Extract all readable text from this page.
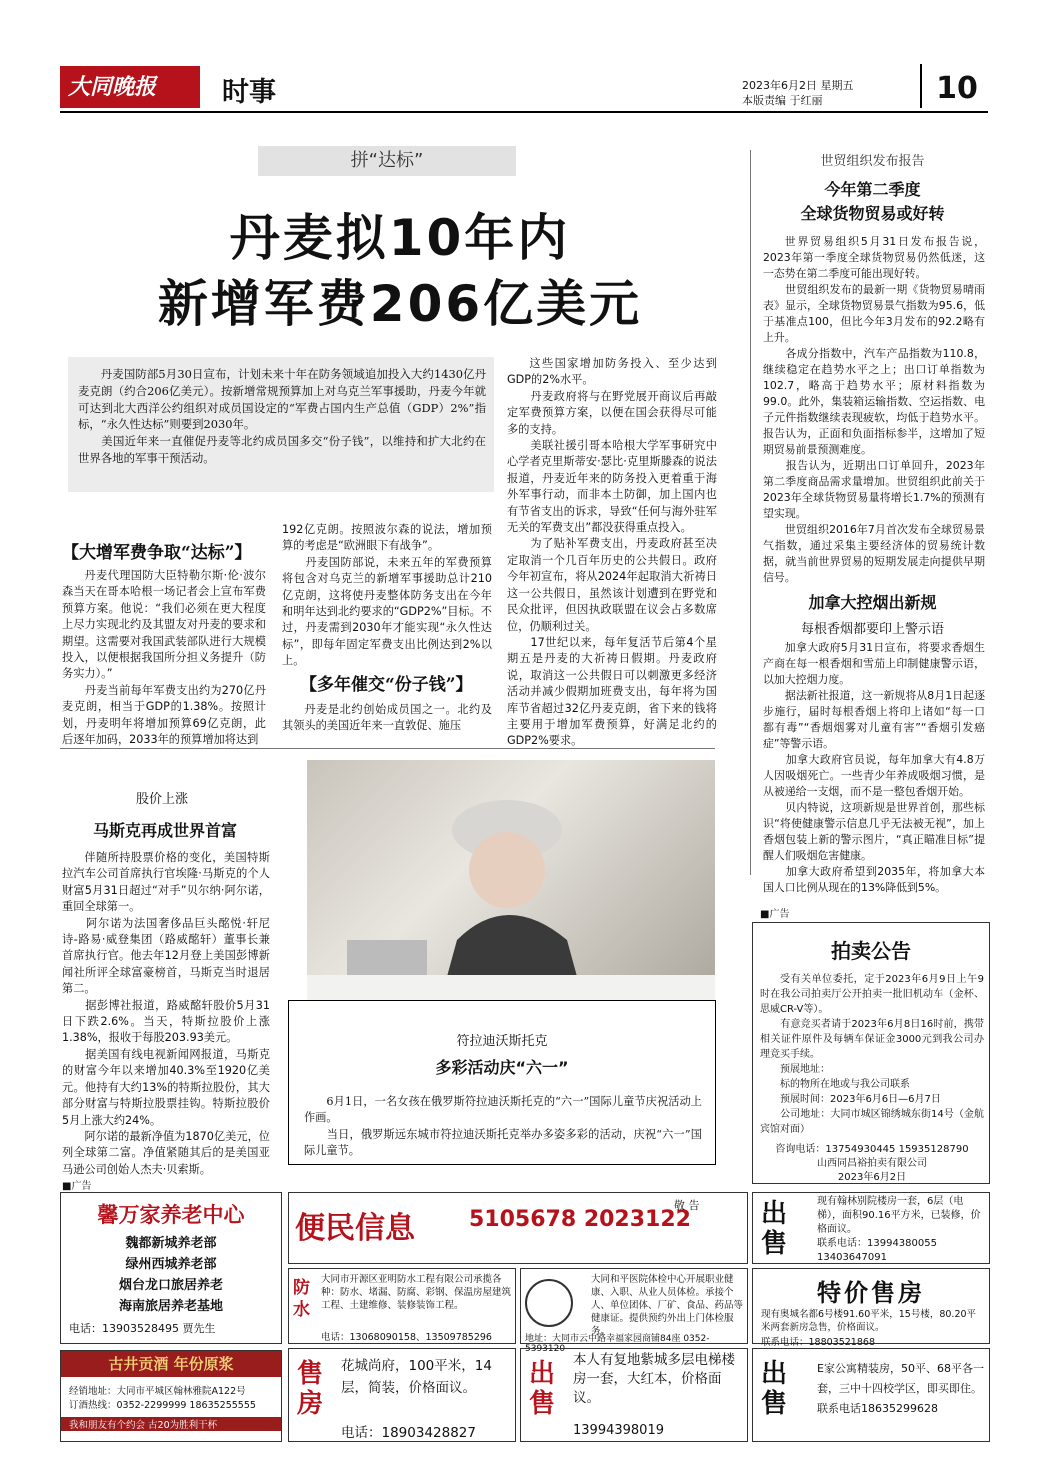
大同晚报	时事	2023年6月2日 星期五
本版责编 于红丽	10
拼“达标”
丹麦拟10年内
新增军费206亿美元
丹麦国防部5月30日宣布，计划未来十年在防务领域追加投入大约1430亿丹麦克朗（约合206亿美元）。按新增常规预算加上对乌克兰军事援助，丹麦今年就可达到北大西洋公约组织对成员国设定的“军费占国内生产总值（GDP）2%”指标，“永久性达标”则要到2030年。
　　美国近年来一直催促丹麦等北约成员国多交“份子钱”，以维持和扩大北约在世界各地的军事干预活动。
这些国家增加防务投入、至少达到GDP的2%水平。
　　丹麦政府将与在野党展开商议后再敲定军费预算方案，以便在国会获得尽可能多的支持。
　　美联社援引哥本哈根大学军事研究中心学者克里斯蒂安·瑟比·克里斯滕森的说法报道，丹麦近年来的防务投入更着重于海外军事行动，而非本土防御，加上国内也有节省支出的诉求，导致“任何与海外驻军无关的军费支出”都没获得重点投入。
　　为了贴补军费支出，丹麦政府甚至决定取消一个几百年历史的公共假日。政府今年初宣布，将从2024年起取消大祈祷日这一公共假日，虽然该计划遭到在野党和民众批评，但因执政联盟在议会占多数席位，仍顺利过关。
　　17世纪以来，每年复活节后第4个星期五是丹麦的大祈祷日假期。丹麦政府说，取消这一公共假日可以刺激更多经济活动并减少假期加班费支出，每年将为国库节省超过32亿丹麦克朗，省下来的钱将主要用于增加军费预算，好满足北约的GDP2%要求。
【大增军费争取“达标”】
丹麦代理国防大臣特勒尔斯·伦·波尔森当天在哥本哈根一场记者会上宣布军费预算方案。他说：“我们必须在更大程度上尽力实现北约及其盟友对丹麦的要求和期望。这需要对我国武装部队进行大规模投入，以便根据我国所分担义务提升（防务实力）。”
　　丹麦当前每年军费支出约为270亿丹麦克朗，相当于GDP的1.38%。按照计划，丹麦明年将增加预算69亿克朗，此后逐年加码，2033年的预算增加将达到
192亿克朗。按照波尔森的说法，增加预算的考虑是“欧洲眼下有战争”。
　　丹麦国防部说，未来五年的军费预算将包含对乌克兰的新增军事援助总计210亿克朗，这将使丹麦整体防务支出在今年和明年达到北约要求的“GDP2%”目标。不过，丹麦需到2030年才能实现“永久性达标”，即每年固定军费支出比例达到2%以上。
【多年催交“份子钱”】
丹麦是北约创始成员国之一。北约及其领头的美国近年来一直敦促、施压
世贸组织发布报告
今年第二季度
全球货物贸易或好转
世界贸易组织5月31日发布报告说，2023年第一季度全球货物贸易仍然低迷，这一态势在第二季度可能出现好转。
　　世贸组织发布的最新一期《货物贸易晴雨表》显示，全球货物贸易景气指数为95.6，低于基准点100，但比今年3月发布的92.2略有上升。
　　各成分指数中，汽车产品指数为110.8，继续稳定在趋势水平之上；出口订单指数为102.7，略高于趋势水平；原材料指数为99.0。此外，集装箱运输指数、空运指数、电子元件指数继续表现疲软，均低于趋势水平。报告认为，正面和负面指标参半，这增加了短期贸易前景预测难度。
　　报告认为，近期出口订单回升，2023年第二季度商品需求量增加。世贸组织此前关于2023年全球货物贸易量将增长1.7%的预测有望实现。
　　世贸组织2016年7月首次发布全球贸易景气指数，通过采集主要经济体的贸易统计数据，就当前世界贸易的短期发展走向提供早期信号。
加拿大控烟出新规
每根香烟都要印上警示语
加拿大政府5月31日宣布，将要求香烟生产商在每一根香烟和雪茄上印制健康警示语，以加大控烟力度。
　　据法新社报道，这一新规将从8月1日起逐步施行，届时每根香烟上将印上诸如“每一口都有毒”“香烟烟雾对儿童有害”“香烟引发癌症”等警示语。
　　加拿大政府官员说，每年加拿大有4.8万人因吸烟死亡。一些青少年养成吸烟习惯，是从被递给一支烟，而不是一整包香烟开始。
　　贝内特说，这项新规是世界首创，那些标识“将使健康警示信息几乎无法被无视”，加上香烟包装上新的警示图片，“真正瞄准目标”提醒人们吸烟危害健康。
　　加拿大政府希望到2035年，将加拿大本国人口比例从现在的13%降低到5%。
股价上涨
马斯克再成世界首富
伴随所持股票价格的变化，美国特斯拉汽车公司首席执行官埃隆·马斯克的个人财富5月31日超过“对手”贝尔纳·阿尔诺，重回全球第一。
　　阿尔诺为法国奢侈品巨头酩悦·轩尼诗-路易·威登集团（路威酩轩）董事长兼首席执行官。他去年12月登上美国彭博新闻社所评全球富豪榜首，马斯克当时退居第二。
　　据彭博社报道，路威酩轩股价5月31日下跌2.6%。当天，特斯拉股价上涨1.38%，报收于每股203.93美元。
　　据美国有线电视新闻网报道，马斯克的财富今年以来增加40.3%至1920亿美元。他持有大约13%的特斯拉股份，其大部分财富与特斯拉股票挂钩。特斯拉股价5月上涨大约24%。
　　阿尔诺的最新净值为1870亿美元，位列全球第二富。净值紧随其后的是美国亚马逊公司创始人杰夫·贝索斯。
符拉迪沃斯托克
多彩活动庆“六一”
6月1日，一名女孩在俄罗斯符拉迪沃斯托克的“六一”国际儿童节庆祝活动上作画。
　　当日，俄罗斯远东城市符拉迪沃斯托克举办多姿多彩的活动，庆祝“六一”国际儿童节。
■广告
拍卖公告
受有关单位委托，定于2023年6月9日上午9时在我公司拍卖厅公开拍卖一批旧机动车（金杯、思威CR-V等）。
　　有意竞买者请于2023年6月8日16时前，携带相关证件原件及每辆车保证金3000元到我公司办理竞买手续。
　　预展地址：
　　标的物所在地或与我公司联系
　　预展时间：2023年6月6日—6月7日
　　公司地址：大同市城区锦绣城东街14号（金航宾馆对面）
咨询电话：13754930445 15935128790
山西同昌裕拍卖有限公司
2023年6月2日
■广告
馨万家养老中心
魏都新城养老部
绿州西城养老部
烟台龙口旅居养老
海南旅居养老基地
电话：13903528495 贾先生
古井贡酒 年份原浆
经销地址：大同市平城区翰林雅院A122号
订酒热线：0352-2299999 18635255555
我和朋友有个约会 古20为胜利干杯
便民信息 5105678 2023122
敬 告
防水
大同市开源区亚明防水工程有限公司承揽各种：防水、堵漏、防腐、彩钢、保温房屋建筑工程、土建维修、装修装饰工程。
电话：13068090158、13509785296
大同和平医院体检中心开展职业健康、入职、从业人员体检。承接个人、单位团体、厂矿、食品、药品等健康证。提供预约外出上门体检服务。
地址：大同市云中路幸福家园商铺84座 0352-5393120
售房
花城尚府，100平米，14层，简装，价格面议。
电话：18903428827
出售
本人有复地紫城多层电梯楼房一套，大红本，价格面议。
13994398019
出售
现有翰林别院楼房一套，6层（电梯），面积90.16平方米，已装修，价格面议。
联系电话：13994380055 13403647091
特价售房
现有奥城名都6号楼91.60平米，15号楼，80.20平米两套新房急售，价格面议。
联系电话：18803521868
出售
E家公寓精装房，50平、68平各一套，三中十四校学区，即买即住。联系电话18635299628
